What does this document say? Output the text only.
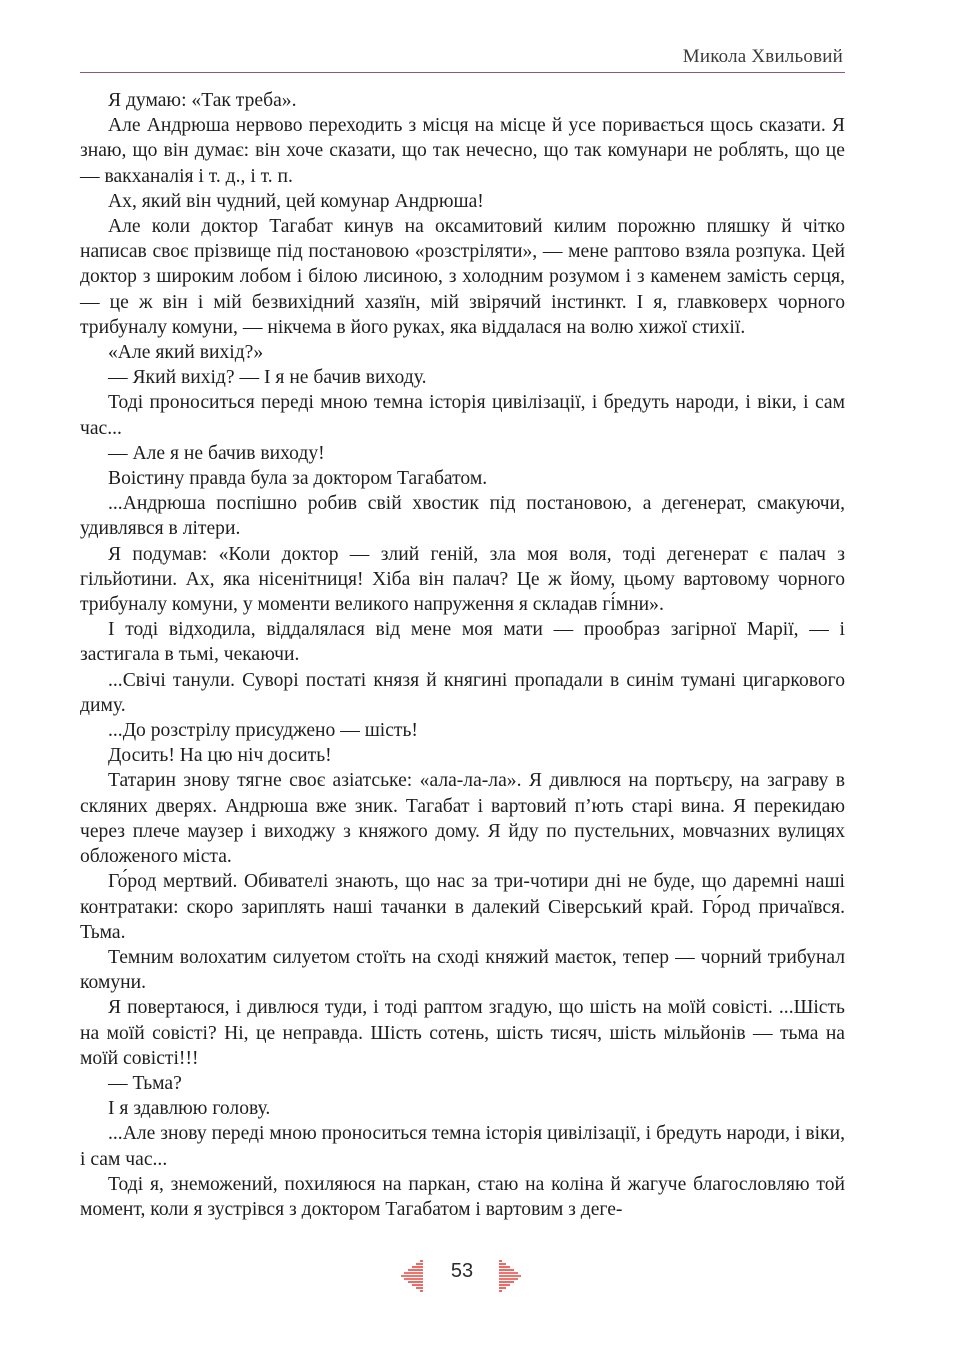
Микола Хвильовий

Я думаю: «Так треба».

Але Андрюша нервово переходить з місця на місце й усе поривається щось сказати. Я знаю, що він думає: він хоче сказати, що так нечесно, що так комунари не роблять, що це — вакханалія і т. д., і т. п.

Ах, який він чудний, цей комунар Андрюша!

Але коли доктор Тагабат кинув на оксамитовий килим порожню пляшку й чітко написав своє прізвище під постановою «розстріляти», — мене раптово взяла розпука. Цей доктор з широким лобом і білою лисиною, з холодним розумом і з каменем замість серця, — це ж він і мій безвихідний хазяїн, мій звірячий інстинкт. І я, главковерх чорного трибуналу комуни, — нікчема в його руках, яка віддалася на волю хижої стихії.

«Але який вихід?»

— Який вихід? — І я не бачив виходу.

Тоді проноситься переді мною темна історія цивілізації, і бредуть народи, і віки, і сам час...

— Але я не бачив виходу!

Воістину правда була за доктором Тагабатом.

...Андрюша поспішно робив свій хвостик під постановою, а дегенерат, смакуючи, удивлявся в літери.

Я подумав: «Коли доктор — злий геній, зла моя воля, тоді дегенерат є палач з гільйотини. Ах, яка нісенітниця! Хіба він палач? Це ж йому, цьому вартовому чорного трибуналу комуни, у моменти великого напруження я складав гі́мни».

І тоді відходила, віддалялася від мене моя мати — прообраз загірної Марії, — і застигала в тьмі, чекаючи.

...Свічі танули. Суворі постаті князя й княгині пропадали в синім тумані цигаркового диму.

...До розстрілу присуджено — шість!

Досить! На цю ніч досить!

Татарин знову тягне своє азіатське: «ала-ла-ла». Я дивлюся на портьєру, на заграву в скляних дверях. Андрюша вже зник. Тагабат і вартовий п’ють старі вина. Я перекидаю через плече маузер і виходжу з княжого дому. Я йду по пустельних, мовчазних вулицях обложеного міста.

Го́род мертвий. Обивателі знають, що нас за три-чотири дні не буде, що даремні наші контратаки: скоро зариплять наші тачанки в далекий Сіверський край. Го́род причаївся. Тьма.

Темним волохатим силуетом стоїть на сході княжий маєток, тепер — чорний трибунал комуни.

Я повертаюся, і дивлюся туди, і тоді раптом згадую, що шість на моїй совісті. ...Шість на моїй совісті? Ні, це неправда. Шість сотень, шість тисяч, шість мільйонів — тьма на моїй совісті!!!

— Тьма?

І я здавлюю голову.

...Але знову переді мною проноситься темна історія цивілізації, і бредуть народи, і віки, і сам час...

Тоді я, знеможений, похиляюся на паркан, стаю на коліна й жагуче благословляю той момент, коли я зустрівся з доктором Тагабатом і вартовим з деге-

53
